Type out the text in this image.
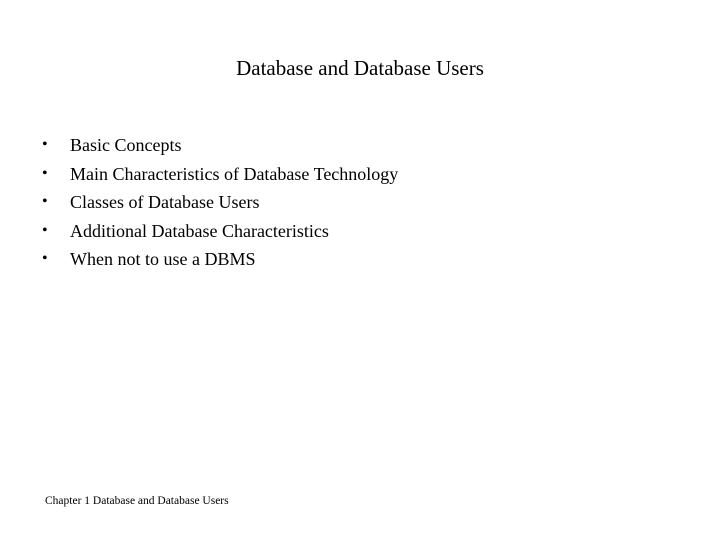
Database and Database Users
•	Basic Concepts
•	Main Characteristics of Database Technology
•	Classes of Database Users
•	Additional Database Characteristics
•	When not to use a DBMS
Chapter 1 Database and Database Users
